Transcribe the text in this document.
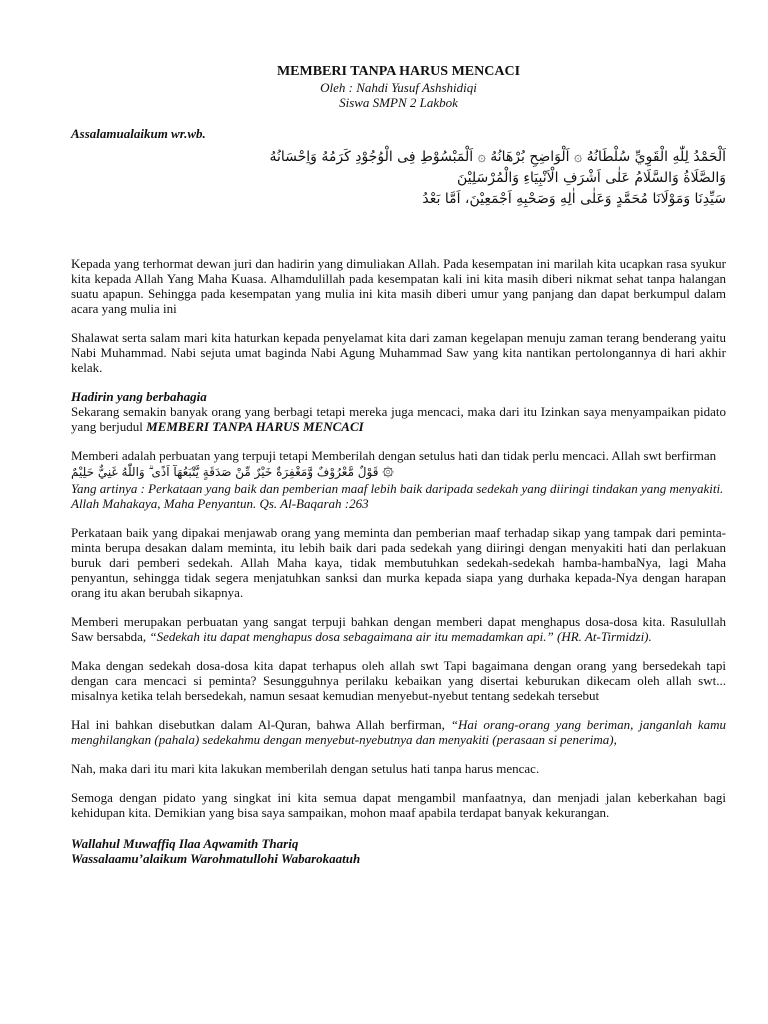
MEMBERI TANPA HARUS MENCACI
Oleh : Nahdi Yusuf Ashshidiqi
Siswa SMPN 2 Lakbok
Assalamualaikum wr.wb.
اَلْحَمْدُ لِلّٰهِ الْقَوِيِّ سُلْطَانُهُ ۞ اَلْوَاضِحِ بُرْهَانُهُ ۞ اَلْمَبْسُوْطِ فِى الْوُجُوْدِ كَرَمُهُ وَاِحْسَانُهُ
وَالصَّلَاةُ وَالسَّلَامُ عَلٰى اَشْرَفِ الْاَنْبِيَاءِ وَالْمُرْسَلِيْنَ
سَيِّدِنَا وَمَوْلَانَا مُحَمَّدٍ وَعَلٰى اٰلِهِ وَصَحْبِهِ اَجْمَعِيْنَ، اَمَّا بَعْدُ
Kepada yang terhormat dewan juri dan hadirin yang dimuliakan Allah. Pada kesempatan ini marilah kita ucapkan rasa syukur kita kepada Allah Yang Maha Kuasa. Alhamdulillah pada kesempatan kali ini kita masih diberi nikmat sehat tanpa halangan suatu apapun. Sehingga pada kesempatan yang mulia ini kita masih diberi umur yang panjang dan dapat berkumpul dalam acara yang mulia ini
Shalawat serta salam mari kita haturkan kepada penyelamat kita dari zaman kegelapan menuju zaman terang benderang yaitu Nabi Muhammad. Nabi sejuta umat baginda Nabi Agung Muhammad Saw yang kita nantikan pertolongannya di hari akhir kelak.
Hadirin yang berbahagia
Sekarang semakin banyak orang yang berbagi tetapi mereka juga mencaci, maka dari itu Izinkan saya menyampaikan pidato yang berjudul MEMBERI TANPA HARUS MENCACI
Memberi adalah perbuatan yang terpuji tetapi Memberilah dengan setulus hati dan tidak perlu mencaci. Allah swt berfirman
۞ قَوْلٌ مَّعْرُوْفٌ وَّمَغْفِرَةٌ خَيْرٌ مِّنْ صَدَقَةٍ يَّتْبَعُهَآ اَذًى ۗ وَاللّٰهُ غَنِيٌّ حَلِيْمٌ
Yang artinya : Perkataan yang baik dan pemberian maaf lebih baik daripada sedekah yang diiringi tindakan yang menyakiti. Allah Mahakaya, Maha Penyantun. Qs. Al-Baqarah :263
Perkataan baik yang dipakai menjawab orang yang meminta dan pemberian maaf terhadap sikap yang tampak dari peminta-minta berupa desakan dalam meminta, itu lebih baik dari pada sedekah yang diiringi dengan menyakiti hati dan perlakuan buruk dari pemberi sedekah. Allah Maha kaya, tidak membutuhkan sedekah-sedekah hamba-hambaNya, lagi Maha penyantun, sehingga tidak segera menjatuhkan sanksi dan murka kepada siapa yang durhaka kepada-Nya dengan harapan orang itu akan berubah sikapnya.
Memberi merupakan perbuatan yang sangat terpuji bahkan dengan memberi dapat menghapus dosa-dosa kita. Rasulullah Saw bersabda, “Sedekah itu dapat menghapus dosa sebagaimana air itu memadamkan api.” (HR. At-Tirmidzi).
Maka dengan sedekah dosa-dosa kita dapat terhapus oleh allah swt Tapi bagaimana dengan orang yang bersedekah tapi dengan cara mencaci si peminta? Sesungguhnya perilaku kebaikan yang disertai keburukan dikecam oleh allah swt... misalnya ketika telah bersedekah, namun sesaat kemudian menyebut-nyebut tentang sedekah tersebut
Hal ini bahkan disebutkan dalam Al-Quran, bahwa Allah berfirman, “Hai orang-orang yang beriman, janganlah kamu menghilangkan (pahala) sedekahmu dengan menyebut-nyebutnya dan menyakiti (perasaan si penerima),
Nah, maka dari itu mari kita lakukan memberilah dengan setulus hati tanpa harus mencac.
Semoga dengan pidato yang singkat ini kita semua dapat mengambil manfaatnya, dan menjadi jalan keberkahan bagi kehidupan kita. Demikian yang bisa saya sampaikan, mohon maaf apabila terdapat banyak kekurangan.
Wallahul Muwaffiq Ilaa Aqwamith Thariq
Wassalaamu’alaikum Warohmatullohi Wabarokaatuh
